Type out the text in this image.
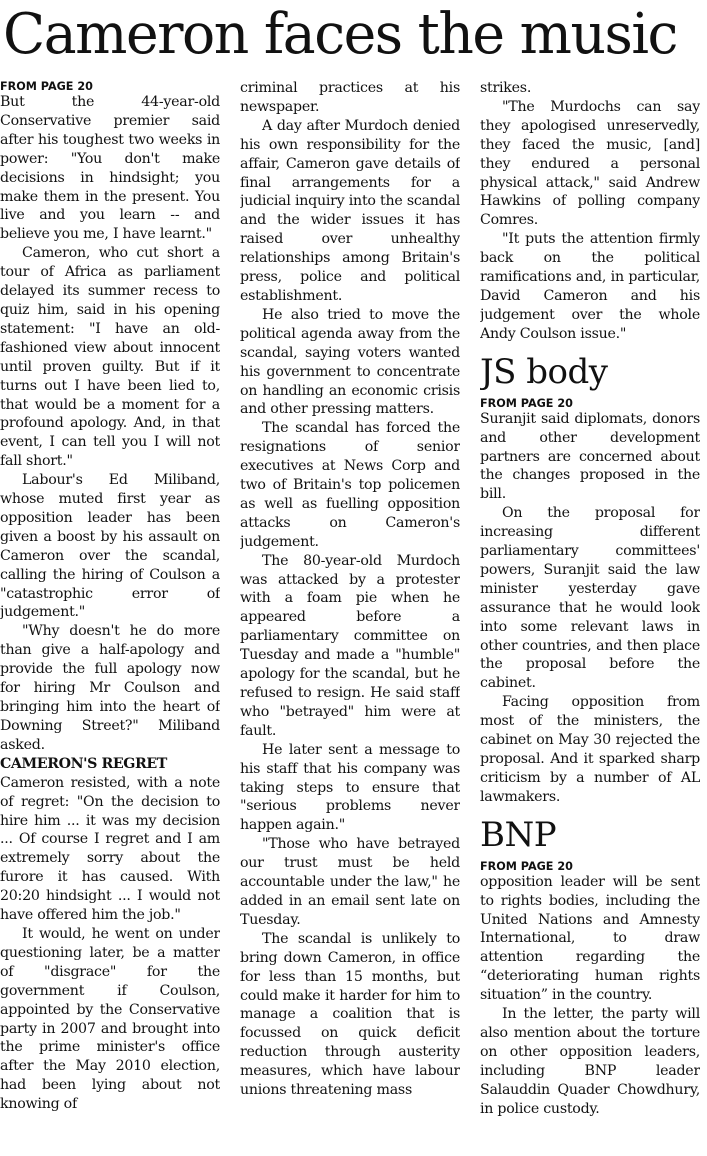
Cameron faces the music
FROM PAGE 20

But the 44-year-old Conservative premier said after his toughest two weeks in power: "You don't make decisions in hindsight; you make them in the present. You live and you learn -- and believe you me, I have learnt."

Cameron, who cut short a tour of Africa as parliament delayed its summer recess to quiz him, said in his opening statement: "I have an old-fashioned view about innocent until proven guilty. But if it turns out I have been lied to, that would be a moment for a profound apology. And, in that event, I can tell you I will not fall short."

Labour's Ed Miliband, whose muted first year as opposition leader has been given a boost by his assault on Cameron over the scandal, calling the hiring of Coulson a "catastrophic error of judgement."

"Why doesn't he do more than give a half-apology and provide the full apology now for hiring Mr Coulson and bringing him into the heart of Downing Street?" Miliband asked.

CAMERON'S REGRET

Cameron resisted, with a note of regret: "On the decision to hire him ... it was my decision ... Of course I regret and I am extremely sorry about the furore it has caused. With 20:20 hindsight ... I would not have offered him the job."

It would, he went on under questioning later, be a matter of "disgrace" for the government if Coulson, appointed by the Conservative party in 2007 and brought into the prime minister's office after the May 2010 election, had been lying about not knowing of

criminal practices at his newspaper.

A day after Murdoch denied his own responsibility for the affair, Cameron gave details of final arrangements for a judicial inquiry into the scandal and the wider issues it has raised over unhealthy relationships among Britain's press, police and political establishment.

He also tried to move the political agenda away from the scandal, saying voters wanted his government to concentrate on handling an economic crisis and other pressing matters.

The scandal has forced the resignations of senior executives at News Corp and two of Britain's top policemen as well as fuelling opposition attacks on Cameron's judgement.

The 80-year-old Murdoch was attacked by a protester with a foam pie when he appeared before a parliamentary committee on Tuesday and made a "humble" apology for the scandal, but he refused to resign. He said staff who "betrayed" him were at fault.

He later sent a message to his staff that his company was taking steps to ensure that "serious problems never happen again."

"Those who have betrayed our trust must be held accountable under the law," he added in an email sent late on Tuesday.

The scandal is unlikely to bring down Cameron, in office for less than 15 months, but could make it harder for him to manage a coalition that is focussed on quick deficit reduction through austerity measures, which have labour unions threatening mass

strikes.

"The Murdochs can say they apologised unreservedly, they faced the music, [and] they endured a personal physical attack," said Andrew Hawkins of polling company Comres.

"It puts the attention firmly back on the political ramifications and, in particular, David Cameron and his judgement over the whole Andy Coulson issue."

JS body
FROM PAGE 20

Suranjit said diplomats, donors and other development partners are concerned about the changes proposed in the bill.

On the proposal for increasing different parliamentary committees' powers, Suranjit said the law minister yesterday gave assurance that he would look into some relevant laws in other countries, and then place the proposal before the cabinet.

Facing opposition from most of the ministers, the cabinet on May 30 rejected the proposal. And it sparked sharp criticism by a number of AL lawmakers.

BNP
FROM PAGE 20

opposition leader will be sent to rights bodies, including the United Nations and Amnesty International, to draw attention regarding the “deteriorating human rights situation” in the country.

In the letter, the party will also mention about the torture on other opposition leaders, including BNP leader Salauddin Quader Chowdhury, in police custody.
